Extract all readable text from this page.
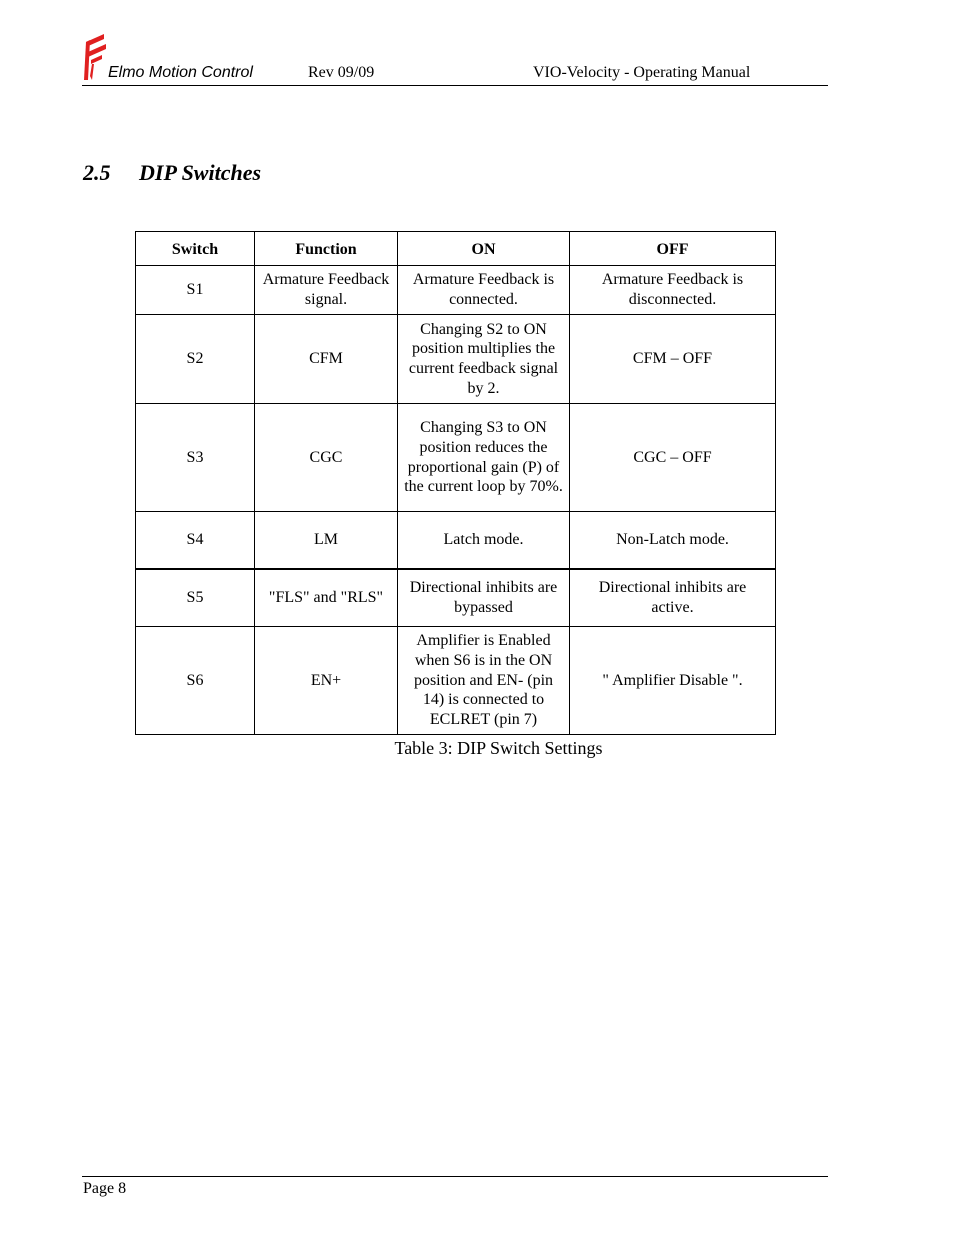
Elmo Motion Control	Rev 09/09	VIO-Velocity - Operating Manual
2.5 DIP Switches
Switch	Function	ON	OFF
S1	Armature Feedback signal.	Armature Feedback is connected.	Armature Feedback is disconnected.
S2	CFM	Changing S2 to ON position multiplies the current feedback signal by 2.	CFM – OFF
S3	CGC	Changing S3 to ON position reduces the proportional gain (P) of the current loop by 70%.	CGC – OFF
S4	LM	Latch mode.	Non-Latch mode.
S5	"FLS" and "RLS"	Directional inhibits are bypassed	Directional inhibits are active.
S6	EN+	Amplifier is Enabled when S6 is in the ON position and EN- (pin 14) is connected to ECLRET (pin 7)	" Amplifier Disable ".
Table 3: DIP Switch Settings
Page 8
